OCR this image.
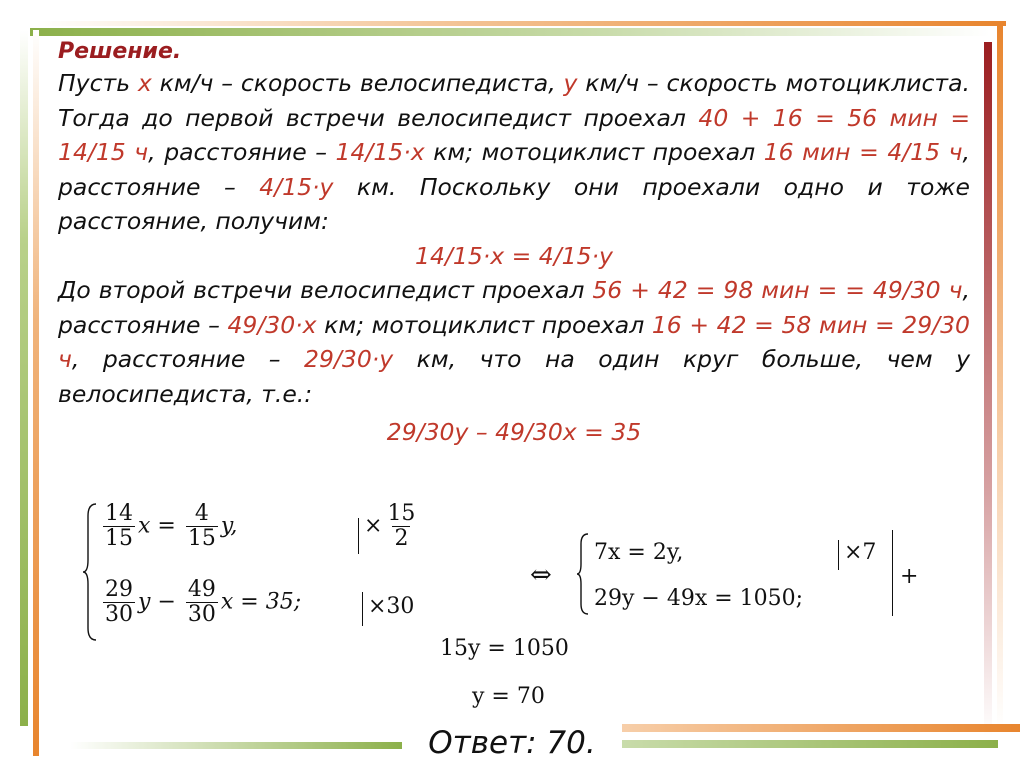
Решение.

Пусть x км/ч – скорость велосипедиста, y км/ч – скорость мотоциклиста. Тогда до первой встречи велосипедист проехал 40 + 16 = 56 мин = 14/15 ч, расстояние – 14/15·x км; мотоциклист проехал 16 мин = 4/15 ч, расстояние – 4/15·y км. Поскольку они проехали одно и тоже расстояние, получим:

14/15·x = 4/15·y

До второй встречи велосипедист проехал 56 + 42 = 98 мин = = 49/30 ч, расстояние – 49/30·x км; мотоциклист проехал 16 + 42 = 58 мин = 29/30 ч, расстояние – 29/30·y км, что на один круг больше, чем у велосипедиста, т.е.:

29/30y – 49/30x = 35

$\frac{14}{15}$ $x = \frac{4}{15} y$,
$\frac{29}{30}$ $y - \frac{49}{30}$ x = 35;
× $\frac{15}{2}$
×30
⇔
7x = 2y,
29y − 49x = 1050;
×7
+
15y = 1050
y = 70
Ответ: 70.
